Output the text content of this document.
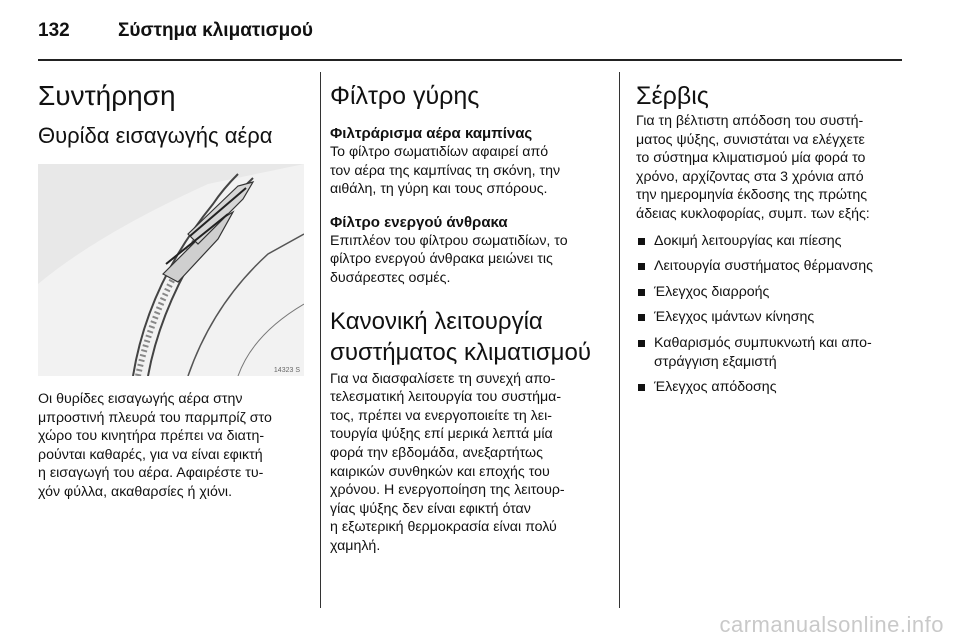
132	Σύστημα κλιματισμού
Συντήρηση
Θυρίδα εισαγωγής αέρα
14323 S

Οι θυρίδες εισαγωγής αέρα στην
μπροστινή πλευρά του παρμπρίζ στο
χώρο του κινητήρα πρέπει να διατη-
ρούνται καθαρές, για να είναι εφικτή
η εισαγωγή του αέρα. Αφαιρέστε τυ-
χόν φύλλα, ακαθαρσίες ή χιόνι.

Φίλτρο γύρης
Φιλτράρισμα αέρα καμπίνας

Το φίλτρο σωματιδίων αφαιρεί από
τον αέρα της καμπίνας τη σκόνη, την
αιθάλη, τη γύρη και τους σπόρους.

Φίλτρο ενεργού άνθρακα

Επιπλέον του φίλτρου σωματιδίων, το
φίλτρο ενεργού άνθρακα μειώνει τις
δυσάρεστες οσμές.

Κανονική λειτουργία
συστήματος κλιματισμού

Για να διασφαλίσετε τη συνεχή απο-
τελεσματική λειτουργία του συστήμα-
τος, πρέπει να ενεργοποιείτε τη λει-
τουργία ψύξης επί μερικά λεπτά μία
φορά την εβδομάδα, ανεξαρτήτως
καιρικών συνθηκών και εποχής του
χρόνου. Η ενεργοποίηση της λειτουρ-
γίας ψύξης δεν είναι εφικτή όταν
η εξωτερική θερμοκρασία είναι πολύ
χαμηλή.

Σέρβις

Για τη βέλτιστη απόδοση του συστή-
ματος ψύξης, συνιστάται να ελέγχετε
το σύστημα κλιματισμού μία φορά το
χρόνο, αρχίζοντας στα 3 χρόνια από
την ημερομηνία έκδοσης της πρώτης
άδειας κυκλοφορίας, συμπ. των εξής:

Δοκιμή λειτουργίας και πίεσης
Λειτουργία συστήματος θέρμανσης
Έλεγχος διαρροής
Έλεγχος ιμάντων κίνησης
Καθαρισμός συμπυκνωτή και απο-
στράγγιση εξαμιστή
Έλεγχος απόδοσης
carmanualsonline.info
